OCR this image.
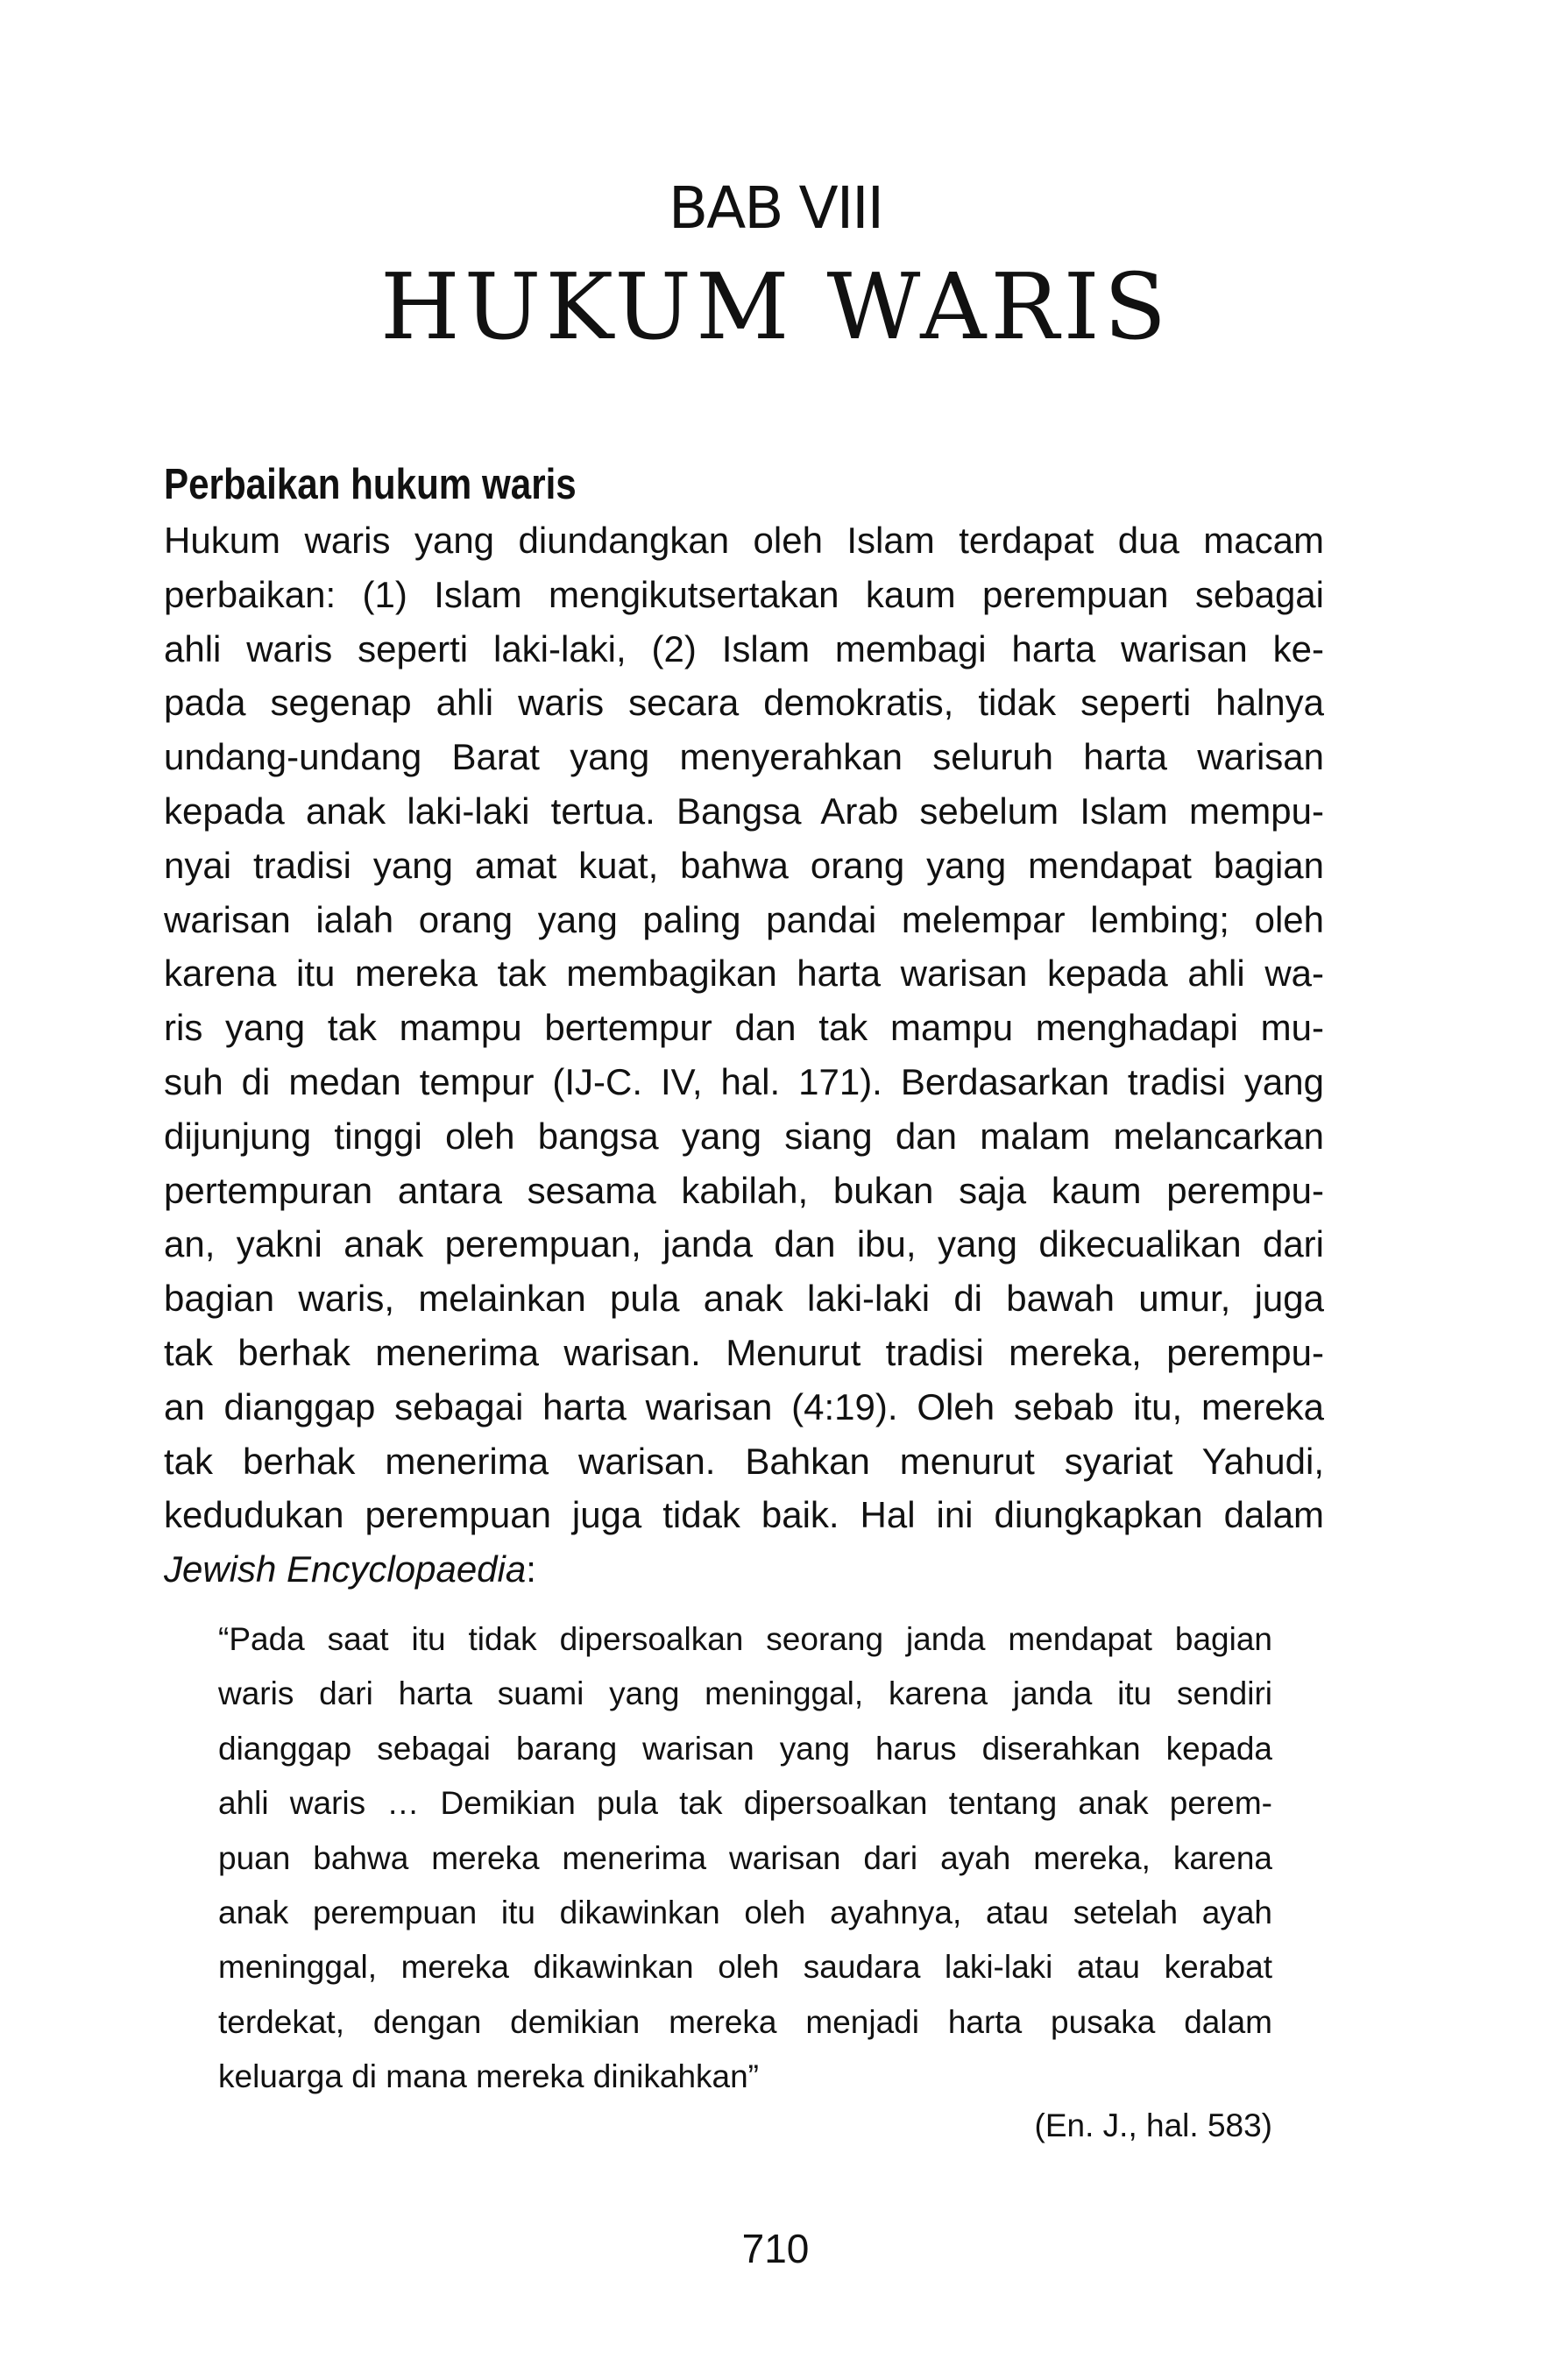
BAB VIII
HUKUM WARIS
Perbaikan hukum waris
Hukum waris yang diundangkan oleh Islam terdapat dua macam
perbaikan: (1) Islam mengikutsertakan kaum perempuan sebagai
ahli waris seperti laki-laki, (2) Islam membagi harta warisan ke-
pada segenap ahli waris secara demokratis, tidak seperti halnya
undang-undang Barat yang menyerahkan seluruh harta warisan
kepada anak laki-laki tertua. Bangsa Arab sebelum Islam mempu-
nyai tradisi yang amat kuat, bahwa orang yang mendapat bagian
warisan ialah orang yang paling pandai melempar lembing; oleh
karena itu mereka tak membagikan harta warisan kepada ahli wa-
ris yang tak mampu bertempur dan tak mampu menghadapi mu-
suh di medan tempur (IJ-C. IV, hal. 171). Berdasarkan tradisi yang
dijunjung tinggi oleh bangsa yang siang dan malam melancarkan
pertempuran antara sesama kabilah, bukan saja kaum perempu-
an, yakni anak perempuan, janda dan ibu, yang dikecualikan dari
bagian waris, melainkan pula anak laki-laki di bawah umur, juga
tak berhak menerima warisan. Menurut tradisi mereka, perempu-
an dianggap sebagai harta warisan (4:19). Oleh sebab itu, mereka
tak berhak menerima warisan. Bahkan menurut syariat Yahudi,
kedudukan perempuan juga tidak baik. Hal ini diungkapkan dalam
Jewish Encyclopaedia:
“Pada saat itu tidak dipersoalkan seorang janda mendapat bagian
waris dari harta suami yang meninggal, karena janda itu sendiri
dianggap sebagai barang warisan yang harus diserahkan kepada
ahli waris … Demikian pula tak dipersoalkan tentang anak perem-
puan bahwa mereka menerima warisan dari ayah mereka, karena
anak perempuan itu dikawinkan oleh ayahnya, atau setelah ayah
meninggal, mereka dikawinkan oleh saudara laki-laki atau kerabat
terdekat, dengan demikian mereka menjadi harta pusaka dalam
keluarga di mana mereka dinikahkan”

(En. J., hal. 583)

710
